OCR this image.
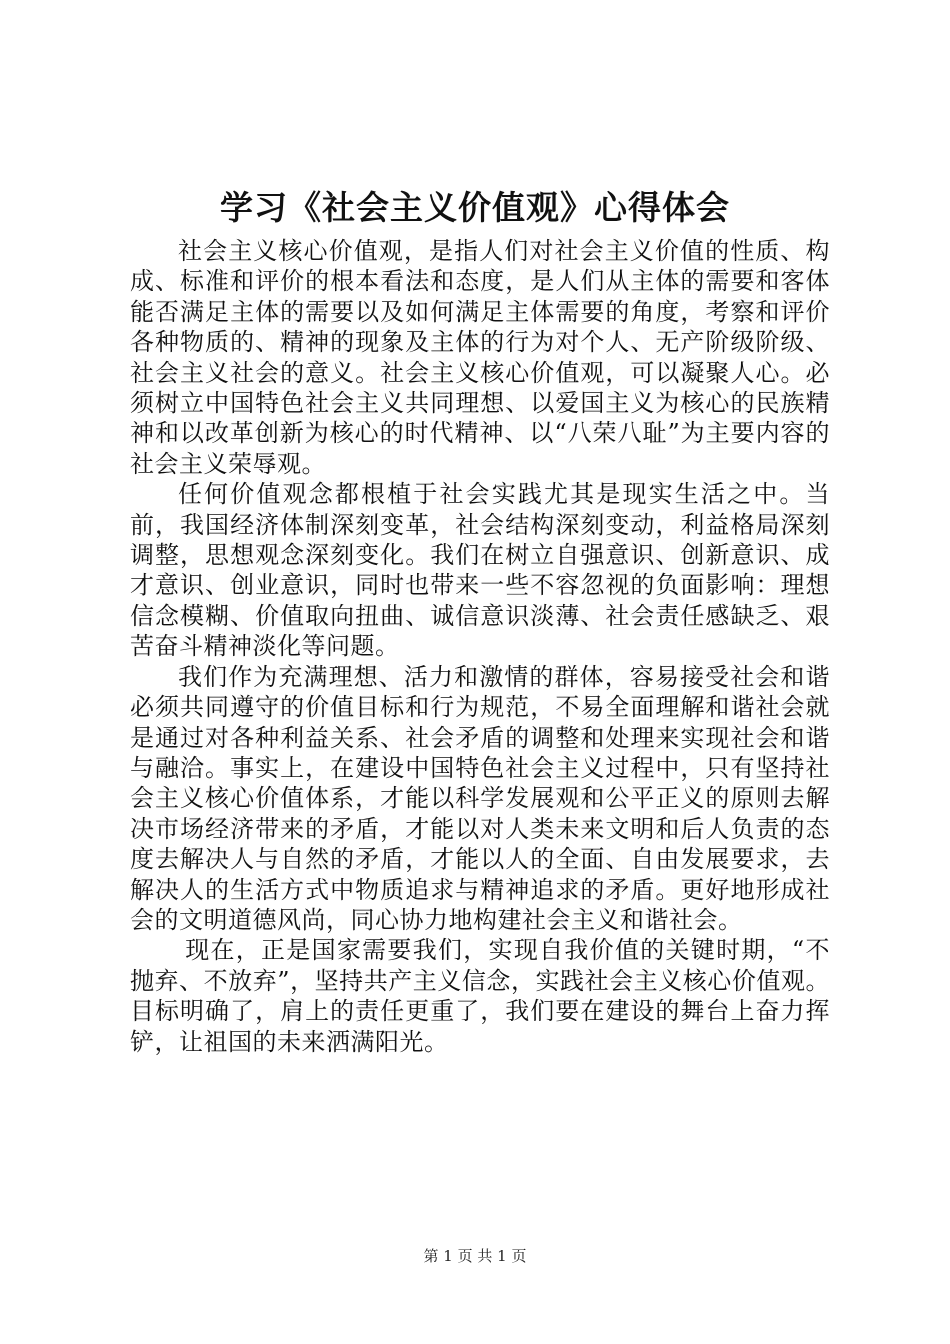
学习《社会主义价值观》心得体会

社会主义核心价值观，是指人们对社会主义价值的性质、构成、标准和评价的根本看法和态度，是人们从主体的需要和客体能否满足主体的需要以及如何满足主体需要的角度，考察和评价各种物质的、精神的现象及主体的行为对个人、无产阶级阶级、社会主义社会的意义。社会主义核心价值观，可以凝聚人心。必须树立中国特色社会主义共同理想、以爱国主义为核心的民族精神和以改革创新为核心的时代精神、以“八荣八耻”为主要内容的社会主义荣辱观。

任何价值观念都根植于社会实践尤其是现实生活之中。当前，我国经济体制深刻变革，社会结构深刻变动，利益格局深刻调整，思想观念深刻变化。我们在树立自强意识、创新意识、成才意识、创业意识，同时也带来一些不容忽视的负面影响：理想信念模糊、价值取向扭曲、诚信意识淡薄、社会责任感缺乏、艰苦奋斗精神淡化等问题。

我们作为充满理想、活力和激情的群体，容易接受社会和谐必须共同遵守的价值目标和行为规范，不易全面理解和谐社会就是通过对各种利益关系、社会矛盾的调整和处理来实现社会和谐与融洽。事实上，在建设中国特色社会主义过程中，只有坚持社会主义核心价值体系，才能以科学发展观和公平正义的原则去解决市场经济带来的矛盾，才能以对人类未来文明和后人负责的态度去解决人与自然的矛盾，才能以人的全面、自由发展要求，去解决人的生活方式中物质追求与精神追求的矛盾。更好地形成社会的文明道德风尚，同心协力地构建社会主义和谐社会。

现在，正是国家需要我们，实现自我价值的关键时期，“不抛弃、不放弃”，坚持共产主义信念，实践社会主义核心价值观。目标明确了，肩上的责任更重了，我们要在建设的舞台上奋力挥铲，让祖国的未来洒满阳光。

第 1 页 共 1 页
